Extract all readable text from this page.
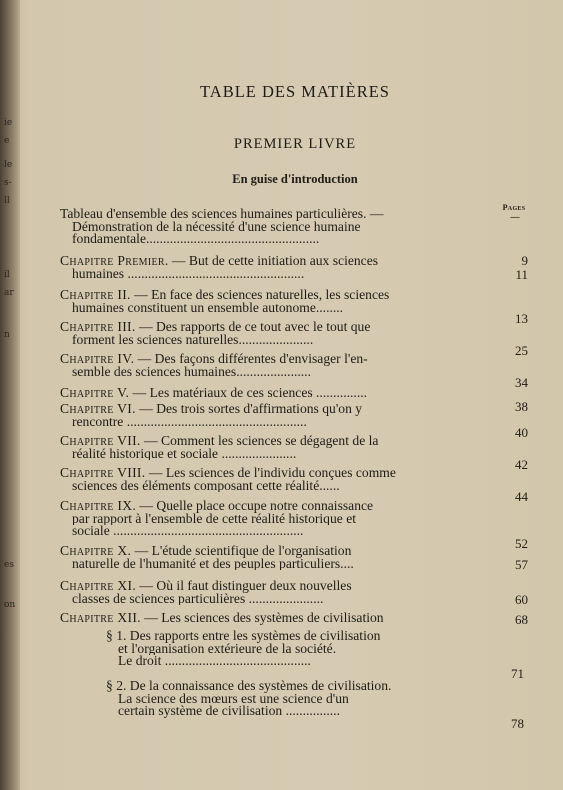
ie
e
le
s-
ll
il
ar
n
es
on
TABLE DES MATIÈRES
PREMIER LIVRE
En guise d'introduction
Pages
—
Tableau d'ensemble des sciences humaines particulières. —
Démonstration de la nécessité d'une science humaine
fondamentale...................................................
9
Chapitre Premier. — But de cette initiation aux sciences
humaines ....................................................	11
Chapitre II. — En face des sciences naturelles, les sciences
humaines constituent un ensemble autonome........
13
Chapitre III. — Des rapports de ce tout avec le tout que
forment les sciences naturelles......................
25
Chapitre IV. — Des façons différentes d'envisager l'en-
semble des sciences humaines......................
34
Chapitre V. — Les matériaux de ces sciences ...............
38
Chapitre VI. — Des trois sortes d'affirmations qu'on y
rencontre .....................................................
40
Chapitre VII. — Comment les sciences se dégagent de la
réalité historique et sociale ......................
42
Chapitre VIII. — Les sciences de l'individu conçues comme
sciences des éléments composant cette réalité......
44
Chapitre IX. — Quelle place occupe notre connaissance
par rapport à l'ensemble de cette réalité historique et
sociale ........................................................
52
Chapitre X. — L'étude scientifique de l'organisation
naturelle de l'humanité et des peuples particuliers....	57
Chapitre XI. — Où il faut distinguer deux nouvelles
classes de sciences particulières ......................	60
Chapitre XII. — Les sciences des systèmes de civilisation	68
§ 1. Des rapports entre les systèmes de civilisation
et l'organisation extérieure de la société.
Le droit ...........................................
71
§ 2. De la connaissance des systèmes de civilisation.
La science des mœurs est une science d'un
certain système de civilisation ................
78
